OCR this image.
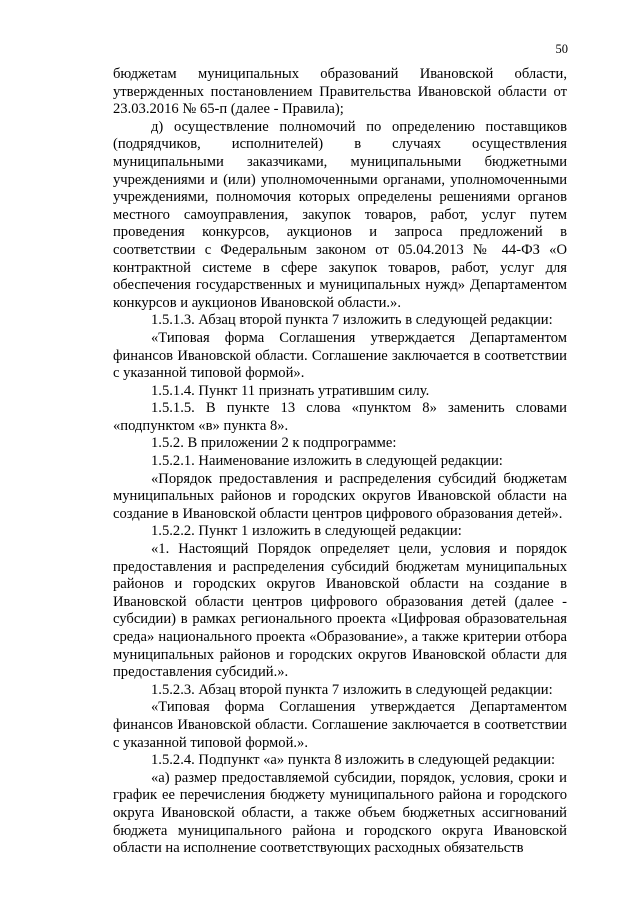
50

бюджетам муниципальных образований Ивановской области, утвержденных постановлением Правительства Ивановской области от 23.03.2016 № 65-п (далее - Правила);

д) осуществление полномочий по определению поставщиков (подрядчиков, исполнителей) в случаях осуществления муниципальными заказчиками, муниципальными бюджетными учреждениями и (или) уполномоченными органами, уполномоченными учреждениями, полномочия которых определены решениями органов местного самоуправления, закупок товаров, работ, услуг путем проведения конкурсов, аукционов и запроса предложений в соответствии с Федеральным законом от 05.04.2013 № 44-ФЗ «О контрактной системе в сфере закупок товаров, работ, услуг для обеспечения государственных и муниципальных нужд» Департаментом конкурсов и аукционов Ивановской области.».

1.5.1.3. Абзац второй пункта 7 изложить в следующей редакции:

«Типовая форма Соглашения утверждается Департаментом финансов Ивановской области. Соглашение заключается в соответствии с указанной типовой формой».

1.5.1.4. Пункт 11 признать утратившим силу.

1.5.1.5. В пункте 13 слова «пунктом 8» заменить словами «подпунктом «в» пункта 8».

1.5.2. В приложении 2 к подпрограмме:

1.5.2.1. Наименование изложить в следующей редакции:

«Порядок предоставления и распределения субсидий бюджетам муниципальных районов и городских округов Ивановской области на создание в Ивановской области центров цифрового образования детей».

1.5.2.2. Пункт 1 изложить в следующей редакции:

«1. Настоящий Порядок определяет цели, условия и порядок предоставления и распределения субсидий бюджетам муниципальных районов и городских округов Ивановской области на создание в Ивановской области центров цифрового образования детей (далее - субсидии) в рамках регионального проекта «Цифровая образовательная среда» национального проекта «Образование», а также критерии отбора муниципальных районов и городских округов Ивановской области для предоставления субсидий.».

1.5.2.3. Абзац второй пункта 7 изложить в следующей редакции:

«Типовая форма Соглашения утверждается Департаментом финансов Ивановской области. Соглашение заключается в соответствии с указанной типовой формой.».

1.5.2.4. Подпункт «а» пункта 8 изложить в следующей редакции:

«а) размер предоставляемой субсидии, порядок, условия, сроки и график ее перечисления бюджету муниципального района и городского округа Ивановской области, а также объем бюджетных ассигнований бюджета муниципального района и городского округа Ивановской области на исполнение соответствующих расходных обязательств
